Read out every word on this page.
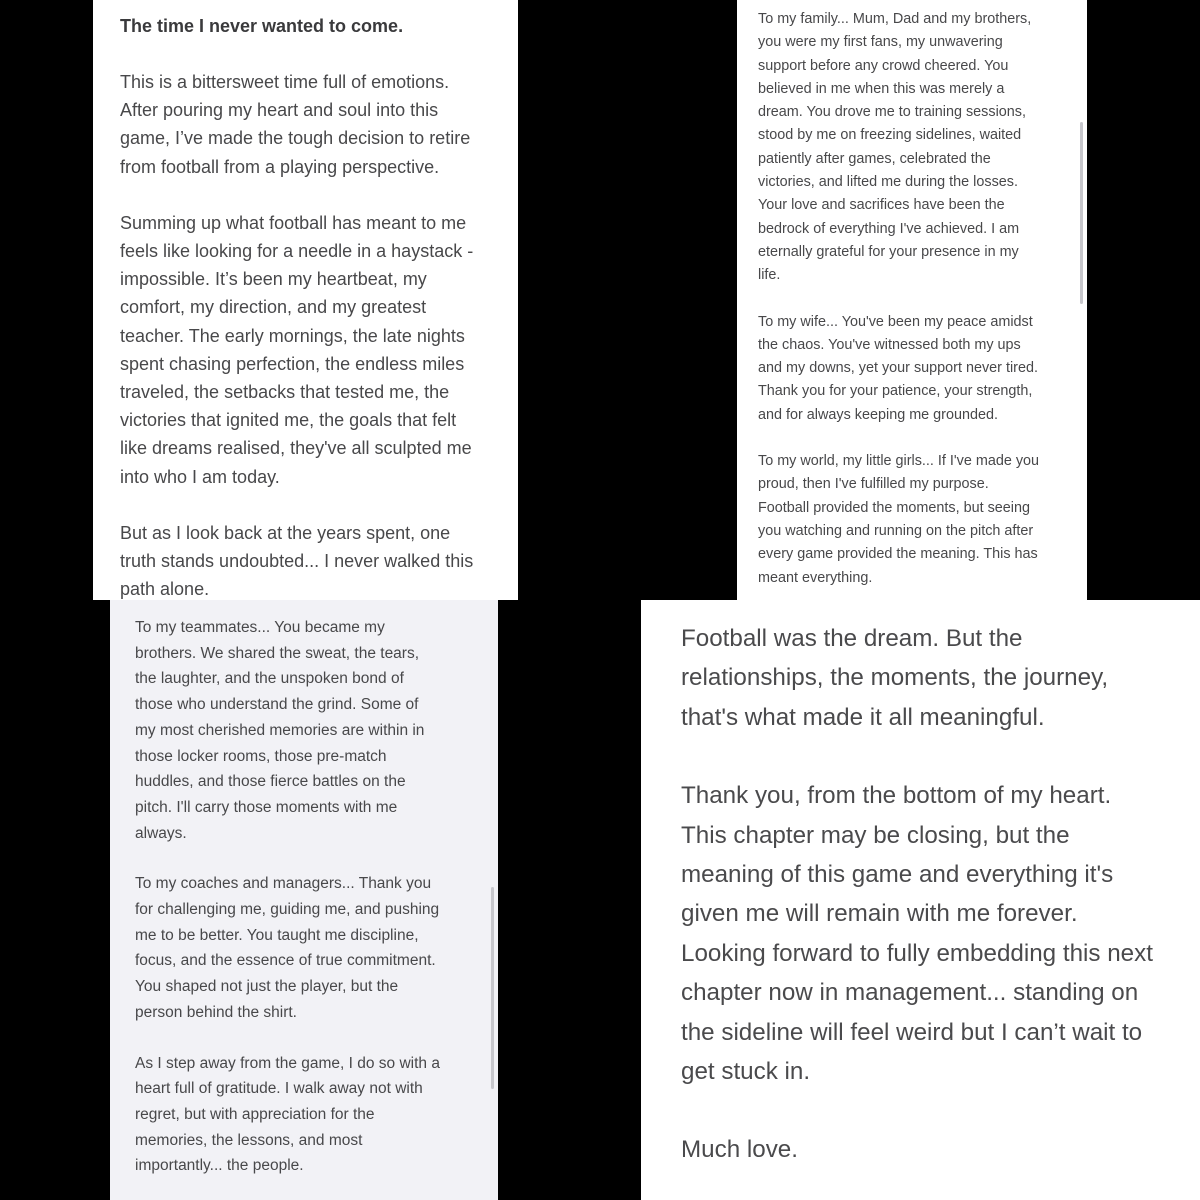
The time I never wanted to come.

This is a bittersweet time full of emotions.
After pouring my heart and soul into this
game, I’ve made the tough decision to retire
from football from a playing perspective.

Summing up what football has meant to me
feels like looking for a needle in a haystack -
impossible. It’s been my heartbeat, my
comfort, my direction, and my greatest
teacher. The early mornings, the late nights
spent chasing perfection, the endless miles
traveled, the setbacks that tested me, the
victories that ignited me, the goals that felt
like dreams realised, they've all sculpted me
into who I am today.

But as I look back at the years spent, one
truth stands undoubted... I never walked this
path alone.

To my family... Mum, Dad and my brothers,
you were my first fans, my unwavering
support before any crowd cheered. You
believed in me when this was merely a
dream. You drove me to training sessions,
stood by me on freezing sidelines, waited
patiently after games, celebrated the
victories, and lifted me during the losses.
Your love and sacrifices have been the
bedrock of everything I've achieved. I am
eternally grateful for your presence in my
life.

To my wife... You've been my peace amidst
the chaos. You've witnessed both my ups
and my downs, yet your support never tired.
Thank you for your patience, your strength,
and for always keeping me grounded.

To my world, my little girls... If I've made you
proud, then I've fulfilled my purpose.
Football provided the moments, but seeing
you watching and running on the pitch after
every game provided the meaning. This has
meant everything.

To my teammates... You became my
brothers. We shared the sweat, the tears,
the laughter, and the unspoken bond of
those who understand the grind. Some of
my most cherished memories are within in
those locker rooms, those pre-match
huddles, and those fierce battles on the
pitch. I'll carry those moments with me
always.

To my coaches and managers... Thank you
for challenging me, guiding me, and pushing
me to be better. You taught me discipline,
focus, and the essence of true commitment.
You shaped not just the player, but the
person behind the shirt.

As I step away from the game, I do so with a
heart full of gratitude. I walk away not with
regret, but with appreciation for the
memories, the lessons, and most
importantly... the people.

Football was the dream. But the
relationships, the moments, the journey,
that's what made it all meaningful.

Thank you, from the bottom of my heart.
This chapter may be closing, but the
meaning of this game and everything it's
given me will remain with me forever.
Looking forward to fully embedding this next
chapter now in management... standing on
the sideline will feel weird but I can’t wait to
get stuck in.

Much love.
